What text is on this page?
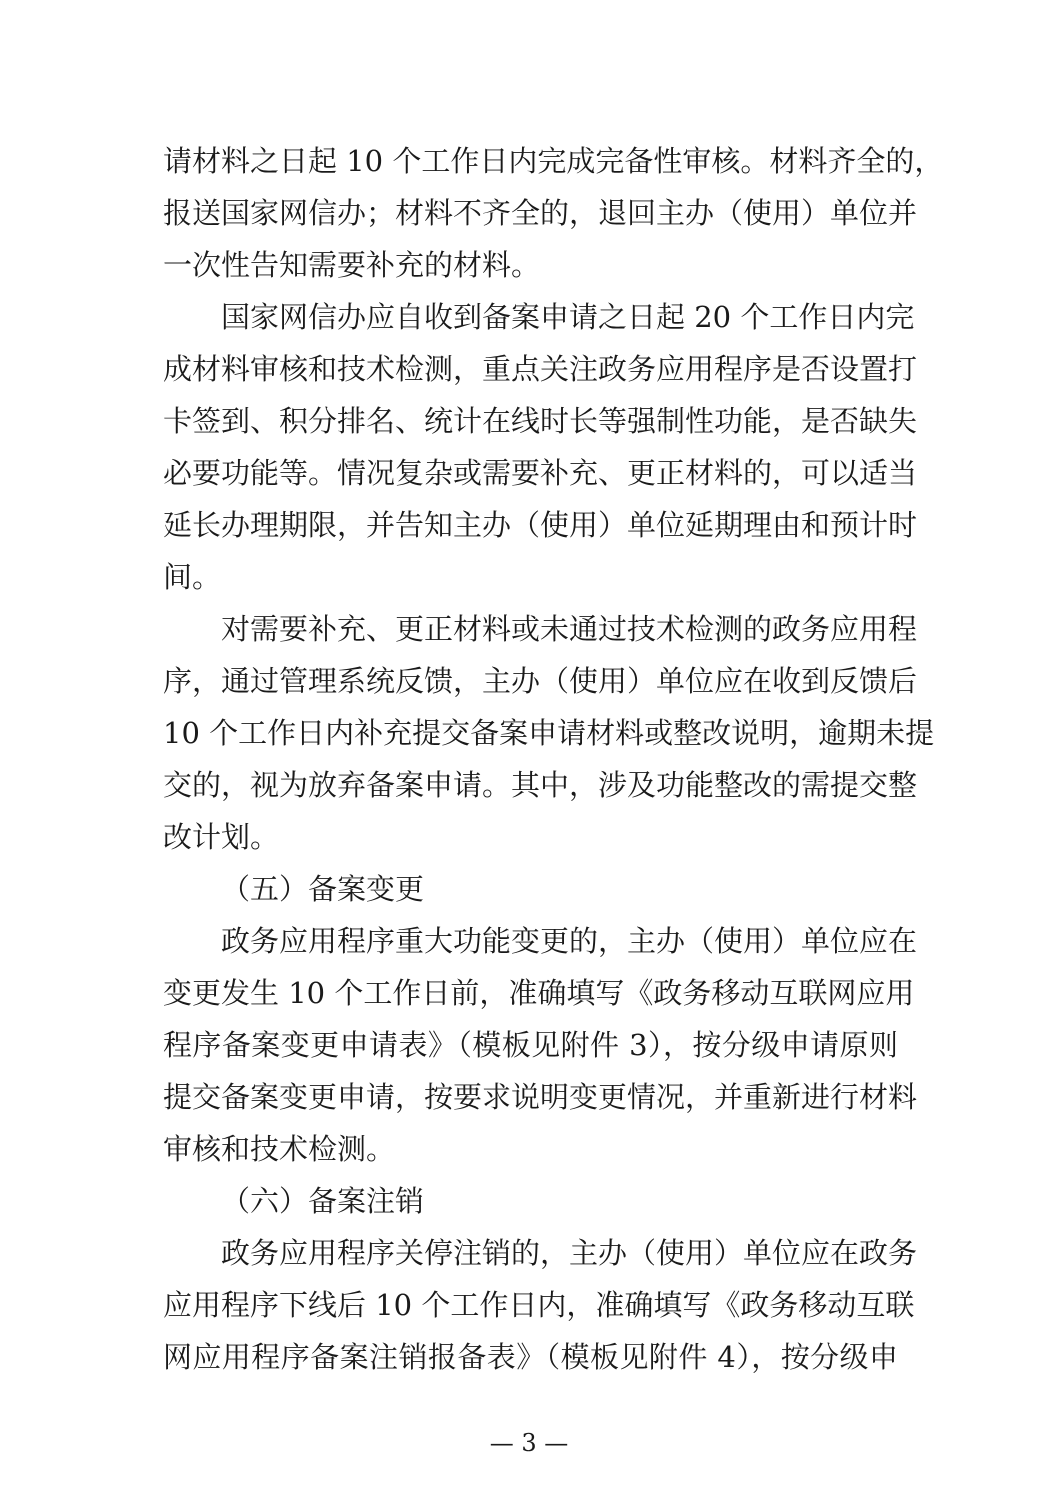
请材料之日起 10 个工作日内完成完备性审核。材料齐全的，
报送国家网信办；材料不齐全的，退回主办（使用）单位并
一次性告知需要补充的材料。
国家网信办应自收到备案申请之日起 20 个工作日内完
成材料审核和技术检测，重点关注政务应用程序是否设置打
卡签到、积分排名、统计在线时长等强制性功能，是否缺失
必要功能等。情况复杂或需要补充、更正材料的，可以适当
延长办理期限，并告知主办（使用）单位延期理由和预计时
间。
对需要补充、更正材料或未通过技术检测的政务应用程
序，通过管理系统反馈，主办（使用）单位应在收到反馈后
10 个工作日内补充提交备案申请材料或整改说明，逾期未提
交的，视为放弃备案申请。其中，涉及功能整改的需提交整
改计划。
（五）备案变更
政务应用程序重大功能变更的，主办（使用）单位应在
变更发生 10 个工作日前，准确填写《政务移动互联网应用
程序备案变更申请表》（模板见附件 3），按分级申请原则
提交备案变更申请，按要求说明变更情况，并重新进行材料
审核和技术检测。
（六）备案注销
政务应用程序关停注销的，主办（使用）单位应在政务
应用程序下线后 10 个工作日内，准确填写《政务移动互联
网应用程序备案注销报备表》（模板见附件 4），按分级申
— 3 —
